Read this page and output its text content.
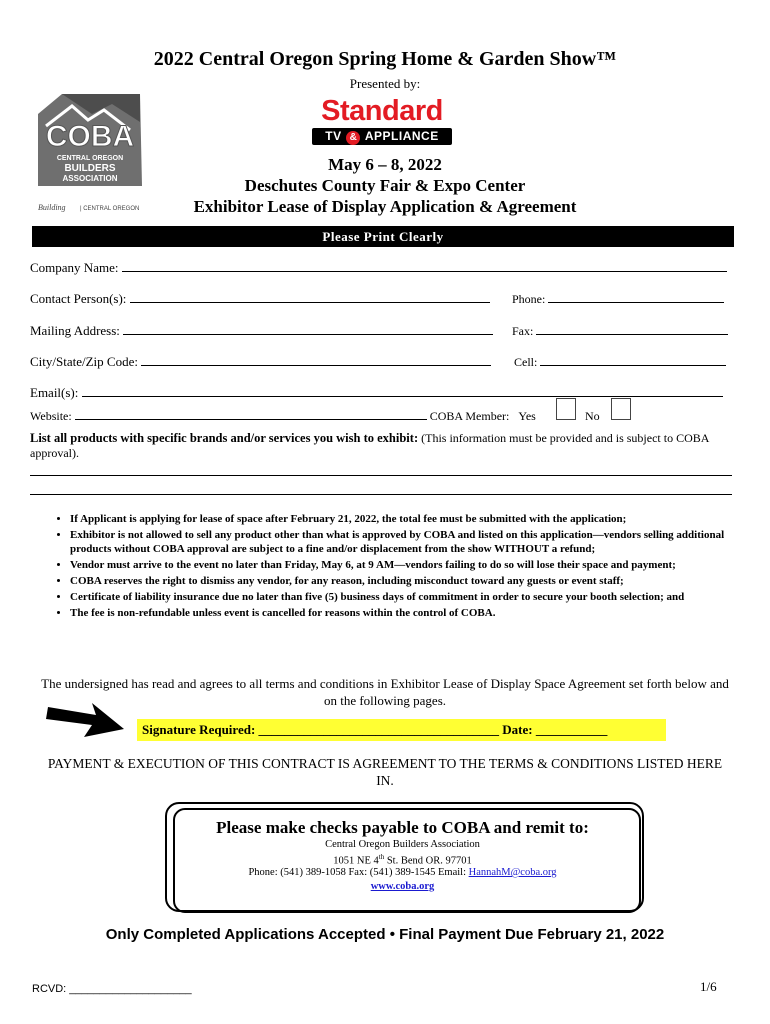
2022 Central Oregon Spring Home & Garden Show™
Presented by:
Standard
TV & APPLIANCE
COBA
CENTRAL OREGON
BUILDERS
ASSOCIATION
Building | CENTRAL OREGON
May 6 – 8, 2022
Deschutes County Fair & Expo Center
Exhibitor Lease of Display Application & Agreement
Please Print Clearly
Company Name:
Contact Person(s):	Phone:
Mailing Address:	Fax:
City/State/Zip Code:	Cell:
Email(s):
Website:	COBA Member: Yes	No
List all products with specific brands and/or services you wish to exhibit: (This information must be provided and is subject to COBA approval).
• If Applicant is applying for lease of space after February 21, 2022, the total fee must be submitted with the application;
• Exhibitor is not allowed to sell any product other than what is approved by COBA and listed on this application—vendors selling additional products without COBA approval are subject to a fine and/or displacement from the show WITHOUT a refund;
• Vendor must arrive to the event no later than Friday, May 6, at 9 AM—vendors failing to do so will lose their space and payment;
• COBA reserves the right to dismiss any vendor, for any reason, including misconduct toward any guests or event staff;
• Certificate of liability insurance due no later than five (5) business days of commitment in order to secure your booth selection; and
• The fee is non-refundable unless event is cancelled for reasons within the control of COBA.
The undersigned has read and agrees to all terms and conditions in Exhibitor Lease of Display Space Agreement set forth below and on the following pages.
Signature Required: _____________________________________ Date: ___________
PAYMENT & EXECUTION OF THIS CONTRACT IS AGREEMENT TO THE TERMS & CONDITIONS LISTED HERE IN.
Please make checks payable to COBA and remit to:
Central Oregon Builders Association
1051 NE 4th St. Bend OR. 97701
Phone: (541) 389-1058 Fax: (541) 389-1545 Email: HannahM@coba.org
www.coba.org
Only Completed Applications Accepted • Final Payment Due February 21, 2022
RCVD: ____________________	1/6
